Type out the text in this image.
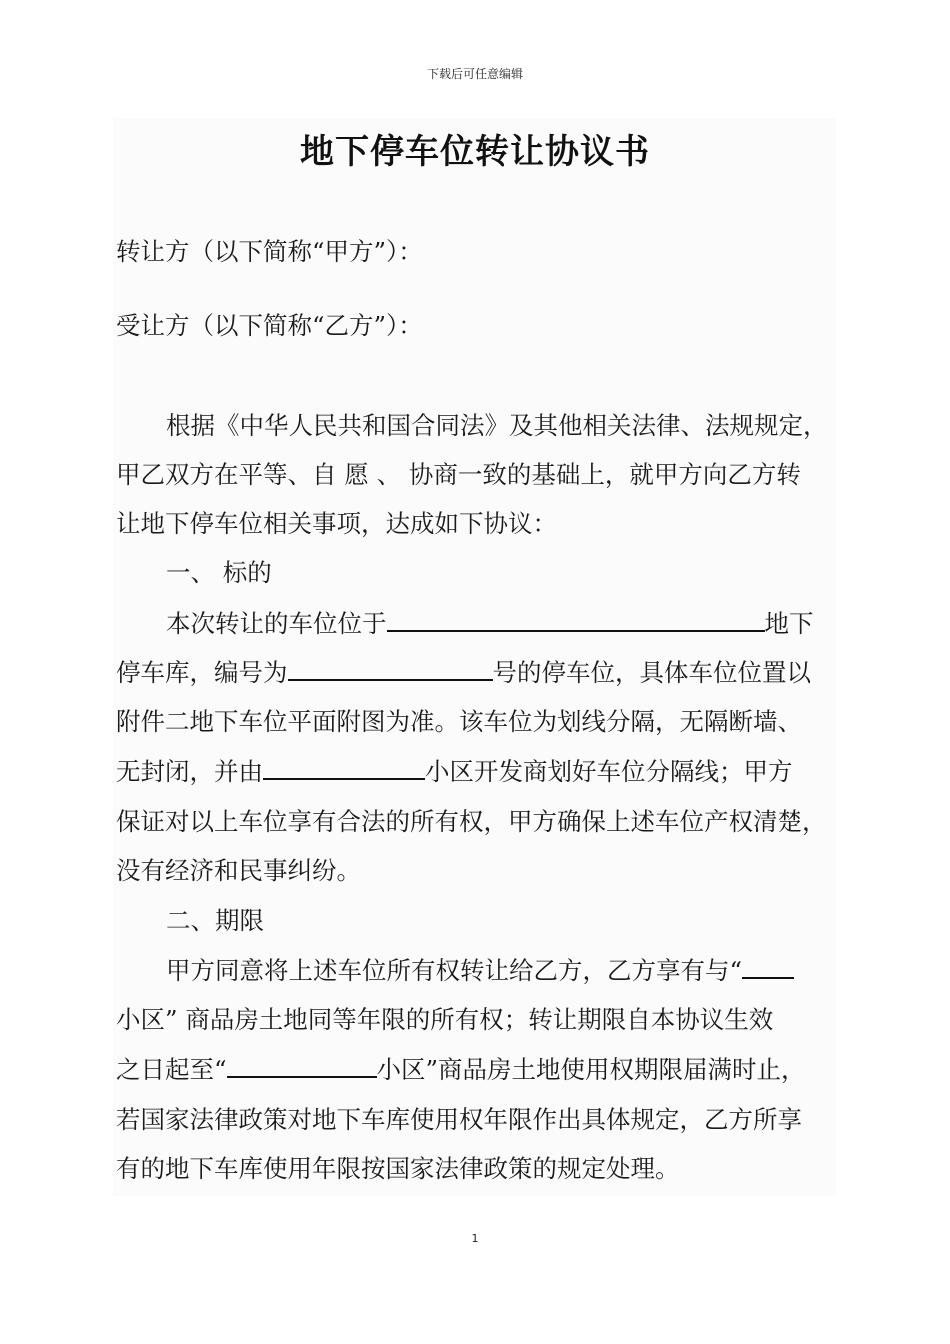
下载后可任意编辑
地下停车位转让协议书
转让方（以下简称“甲方”）：
受让方（以下简称“乙方”）：
根据《中华人民共和国合同法》及其他相关法律、法规规定，
甲乙双方在平等、自 愿 、 协商一致的基础上，就甲方向乙方转
让地下停车位相关事项，达成如下协议：
一、 标的
本次转让的车位位于	地下
停车库，编号为	号的停车位，具体车位位置以
附件二地下车位平面附图为准。该车位为划线分隔，无隔断墙、
无封闭，并由	小区开发商划好车位分隔线；甲方
保证对以上车位享有合法的所有权，甲方确保上述车位产权清楚，
没有经济和民事纠纷。
二、期限
甲方同意将上述车位所有权转让给乙方，乙方享有与“
小区” 商品房土地同等年限的所有权；转让期限自本协议生效
之日起至“	小区”商品房土地使用权期限届满时止，
若国家法律政策对地下车库使用权年限作出具体规定，乙方所享
有的地下车库使用年限按国家法律政策的规定处理。
1
